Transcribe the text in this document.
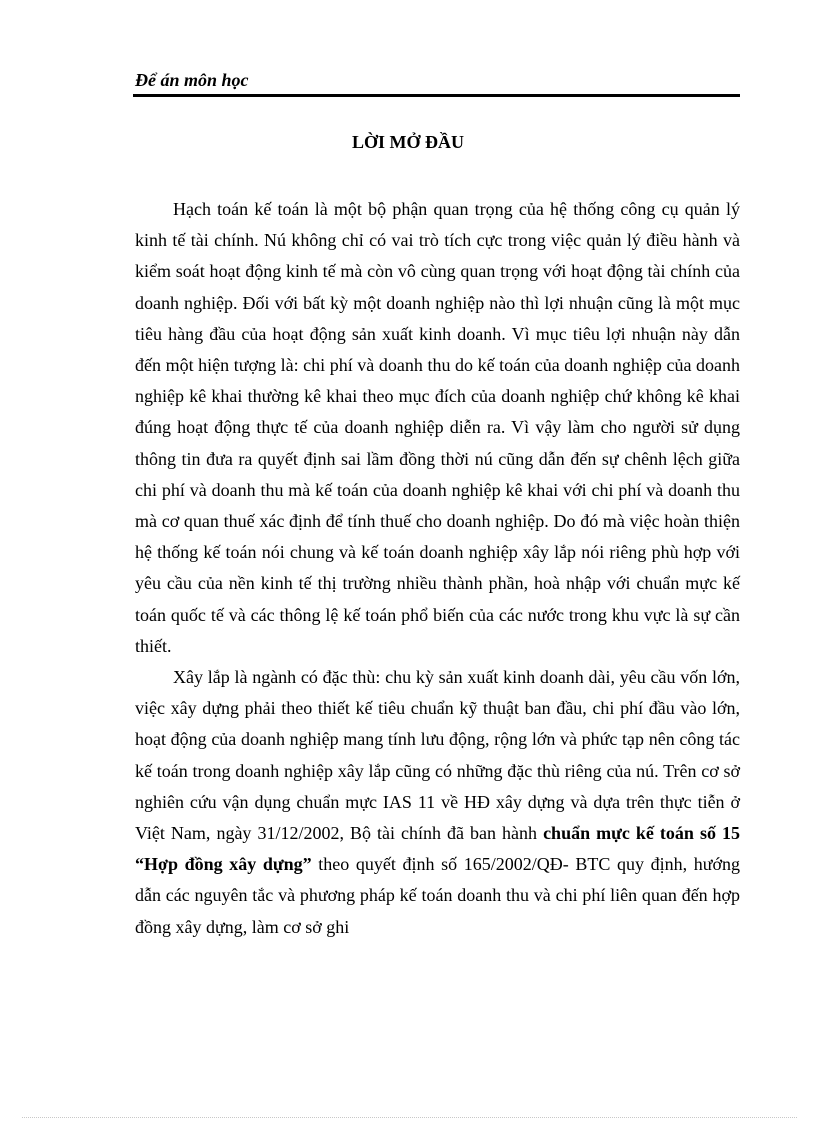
Để án môn học

LỜI MỞ ĐẦU

Hạch toán kế toán là một bộ phận quan trọng của hệ thống công cụ quản lý kinh tế tài chính. Nú không chỉ có vai trò tích cực trong việc quản lý điều hành và kiểm soát hoạt động kinh tế mà còn vô cùng quan trọng với hoạt động tài chính của doanh nghiệp. Đối với bất kỳ một doanh nghiệp nào thì lợi nhuận cũng là một mục tiêu hàng đầu của hoạt động sản xuất kinh doanh. Vì mục tiêu lợi nhuận này dẫn đến một hiện tượng là: chi phí và doanh thu do kế toán của doanh nghiệp của doanh nghiệp kê khai thường kê khai theo mục đích của doanh nghiệp chứ không kê khai đúng hoạt động thực tế của doanh nghiệp diễn ra. Vì vậy làm cho người sử dụng thông tin đưa ra quyết định sai lầm đồng thời nú cũng dẫn đến sự chênh lệch giữa chi phí và doanh thu mà kế toán của doanh nghiệp kê khai với chi phí và doanh thu mà cơ quan thuế xác định để tính thuế cho doanh nghiệp. Do đó mà việc hoàn thiện hệ thống kế toán nói chung và kế toán doanh nghiệp xây lắp nói riêng phù hợp với yêu cầu của nền kinh tế thị trường nhiều thành phần, hoà nhập với chuẩn mực kế toán quốc tế và các thông lệ kế toán phổ biến của các nước trong khu vực là sự cần thiết.

Xây lắp là ngành có đặc thù: chu kỳ sản xuất kinh doanh dài, yêu cầu vốn lớn, việc xây dựng phải theo thiết kế tiêu chuẩn kỹ thuật ban đầu, chi phí đầu vào lớn, hoạt động của doanh nghiệp mang tính lưu động, rộng lớn và phức tạp nên công tác kế toán trong doanh nghiệp xây lắp cũng có những đặc thù riêng của nú. Trên cơ sở nghiên cứu vận dụng chuẩn mực IAS 11 về HĐ xây dựng và dựa trên thực tiễn ở Việt Nam, ngày 31/12/2002, Bộ tài chính đã ban hành chuẩn mực kế toán số 15 “Hợp đồng xây dựng” theo quyết định số 165/2002/QĐ- BTC quy định, hướng dẫn các nguyên tắc và phương pháp kế toán doanh thu và chi phí liên quan đến hợp đồng xây dựng, làm cơ sở ghi
